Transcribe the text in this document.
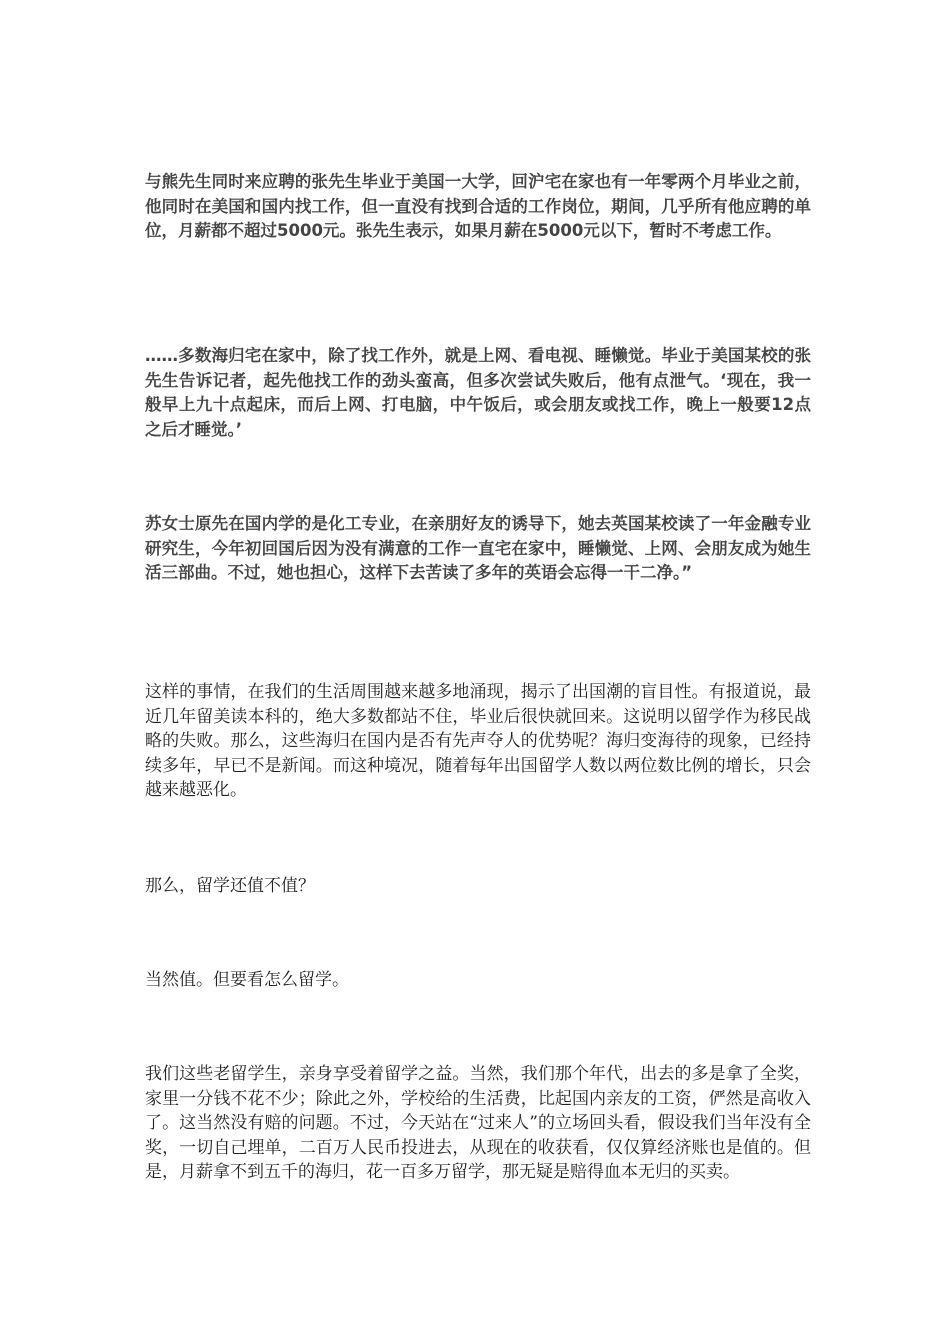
与熊先生同时来应聘的张先生毕业于美国一大学，回沪宅在家也有一年零两个月毕业之前，他同时在美国和国内找工作，但一直没有找到合适的工作岗位，期间，几乎所有他应聘的单位，月薪都不超过5000元。张先生表示，如果月薪在5000元以下，暂时不考虑工作。

……多数海归宅在家中，除了找工作外，就是上网、看电视、睡懒觉。毕业于美国某校的张先生告诉记者，起先他找工作的劲头蛮高，但多次尝试失败后，他有点泄气。‘现在，我一般早上九十点起床，而后上网、打电脑，中午饭后，或会朋友或找工作，晚上一般要12点之后才睡觉。’

苏女士原先在国内学的是化工专业，在亲朋好友的诱导下，她去英国某校读了一年金融专业研究生，今年初回国后因为没有满意的工作一直宅在家中，睡懒觉、上网、会朋友成为她生活三部曲。不过，她也担心，这样下去苦读了多年的英语会忘得一干二净。”

这样的事情，在我们的生活周围越来越多地涌现，揭示了出国潮的盲目性。有报道说，最近几年留美读本科的，绝大多数都站不住，毕业后很快就回来。这说明以留学作为移民战略的失败。那么，这些海归在国内是否有先声夺人的优势呢？海归变海待的现象，已经持续多年，早已不是新闻。而这种境况，随着每年出国留学人数以两位数比例的增长，只会越来越恶化。

那么，留学还值不值？

当然值。但要看怎么留学。

我们这些老留学生，亲身享受着留学之益。当然，我们那个年代，出去的多是拿了全奖，家里一分钱不花不少；除此之外，学校给的生活费，比起国内亲友的工资，俨然是高收入了。这当然没有赔的问题。不过，今天站在“过来人”的立场回头看，假设我们当年没有全奖，一切自己埋单，二百万人民币投进去，从现在的收获看，仅仅算经济账也是值的。但是，月薪拿不到五千的海归，花一百多万留学，那无疑是赔得血本无归的买卖。
